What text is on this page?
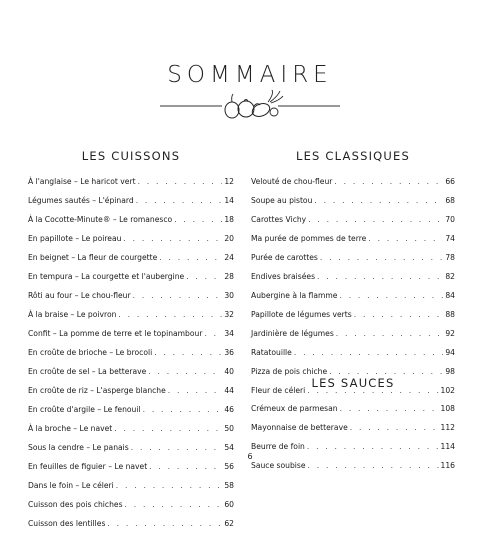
SOMMAIRE
LES CUISSONS
À l'anglaise – Le haricot vert . . .	12
Légumes sautés – L'épinard . . .	14
À la Cocotte-Minute® – Le romanesco . . .	18
En papillote – Le poireau . . .	20
En beignet – La fleur de courgette . . .	24
En tempura – La courgette et l'aubergine . . .	28
Rôti au four – Le chou-fleur . . .	30
À la braise – Le poivron . . .	32
Confit – La pomme de terre et le topinambour . . .	34
En croûte de brioche – Le brocoli . . .	36
En croûte de sel – La betterave . . .	40
En croûte de riz – L'asperge blanche . . .	44
En croûte d'argile – Le fenouil . . .	46
À la broche – Le navet . . .	50
Sous la cendre – Le panais . . .	54
En feuilles de figuier – Le navet . . .	56
Dans le foin – Le céleri . . .	58
Cuisson des pois chiches . . .	60
Cuisson des lentilles . . .	62
LES CLASSIQUES
Velouté de chou-fleur . . .	66
Soupe au pistou . . .	68
Carottes Vichy . . .	70
Ma purée de pommes de terre . . .	74
Purée de carottes . . .	78
Endives braisées . . .	82
Aubergine à la flamme . . .	84
Papillote de légumes verts . . .	88
Jardinière de légumes . . .	92
Ratatouille . . .	94
Pizza de pois chiche . . .	98
Fleur de céleri . . .	102
LES SAUCES
Crémeux de parmesan . . .	108
Mayonnaise de betterave . . .	112
Beurre de foin . . .	114
Sauce soubise . . .	116
6
